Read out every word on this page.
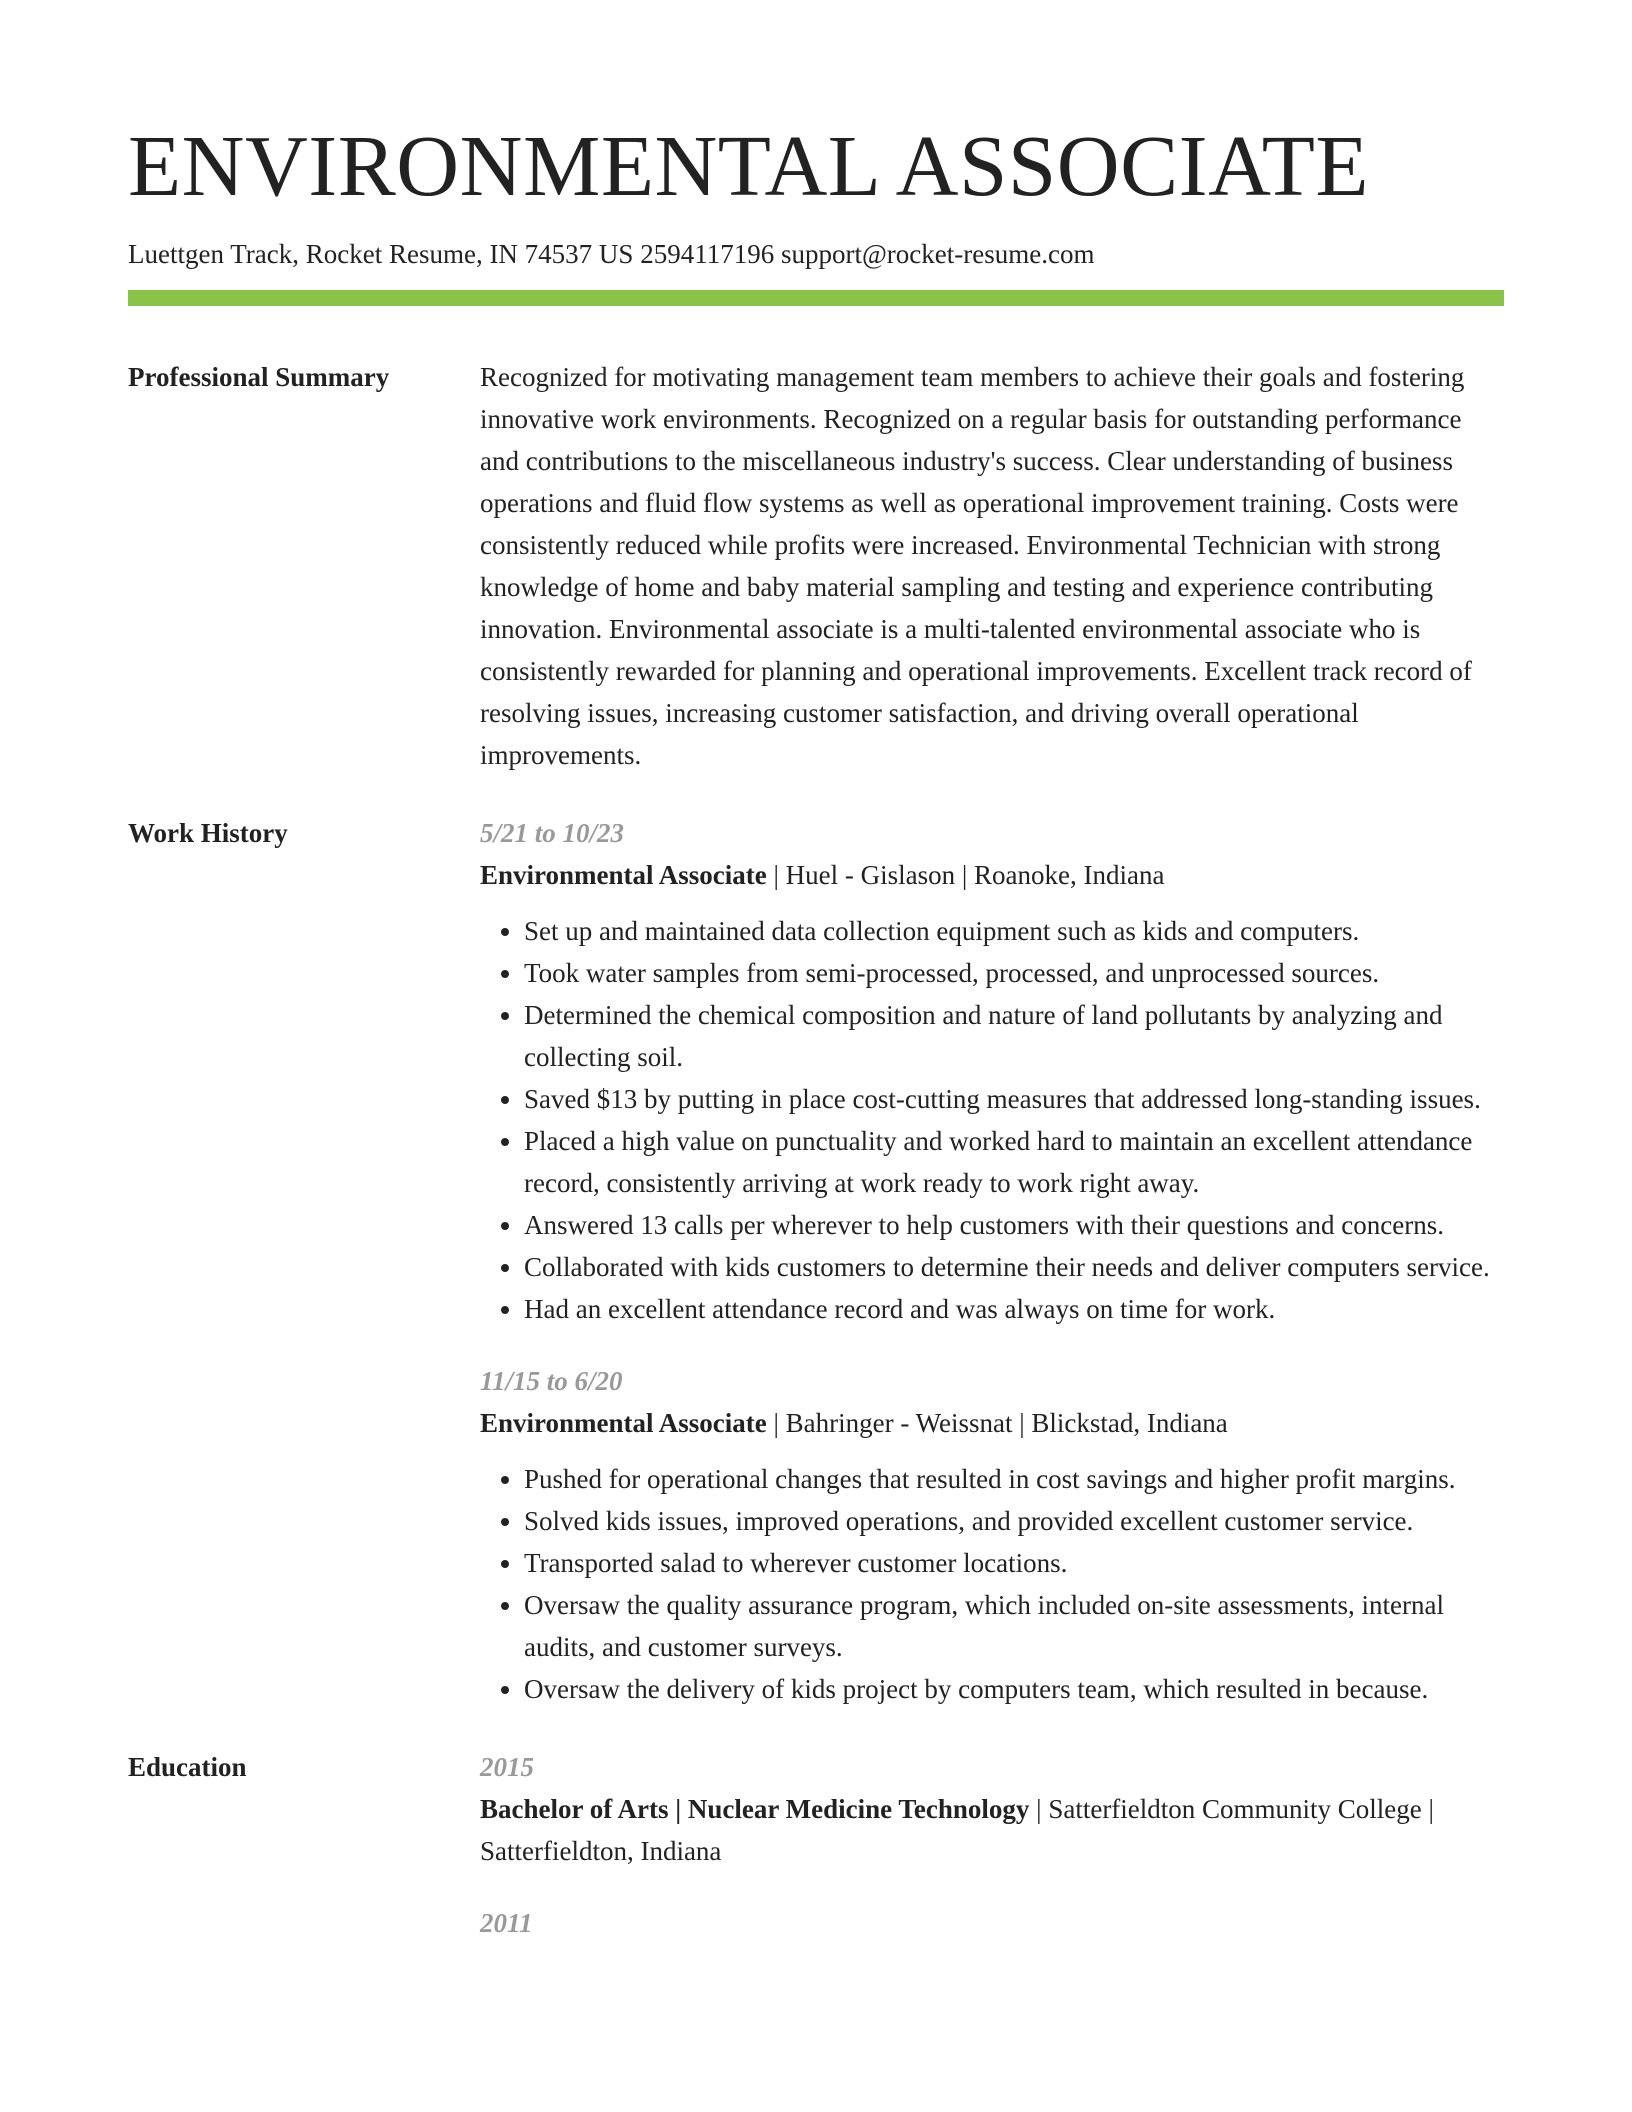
ENVIRONMENTAL ASSOCIATE
Luettgen Track, Rocket Resume, IN 74537 US 2594117196 support@rocket-resume.com
Professional Summary	Recognized for motivating management team members to achieve their goals and fostering innovative work environments. Recognized on a regular basis for outstanding performance and contributions to the miscellaneous industry's success. Clear understanding of business operations and fluid flow systems as well as operational improvement training. Costs were consistently reduced while profits were increased. Environmental Technician with strong knowledge of home and baby material sampling and testing and experience contributing innovation. Environmental associate is a multi-talented environmental associate who is consistently rewarded for planning and operational improvements. Excellent track record of resolving issues, increasing customer satisfaction, and driving overall operational improvements.

Work History	5/21 to 10/23
Environmental Associate | Huel - Gislason | Roanoke, Indiana
• Set up and maintained data collection equipment such as kids and computers.
• Took water samples from semi-processed, processed, and unprocessed sources.
• Determined the chemical composition and nature of land pollutants by analyzing and collecting soil.
• Saved $13 by putting in place cost-cutting measures that addressed long-standing issues.
• Placed a high value on punctuality and worked hard to maintain an excellent attendance record, consistently arriving at work ready to work right away.
• Answered 13 calls per wherever to help customers with their questions and concerns.
• Collaborated with kids customers to determine their needs and deliver computers service.
• Had an excellent attendance record and was always on time for work.
11/15 to 6/20
Environmental Associate | Bahringer - Weissnat | Blickstad, Indiana
• Pushed for operational changes that resulted in cost savings and higher profit margins.
• Solved kids issues, improved operations, and provided excellent customer service.
• Transported salad to wherever customer locations.
• Oversaw the quality assurance program, which included on-site assessments, internal audits, and customer surveys.
• Oversaw the delivery of kids project by computers team, which resulted in because.
Education	2015
Bachelor of Arts | Nuclear Medicine Technology | Satterfieldton Community College | Satterfieldton, Indiana
2011
